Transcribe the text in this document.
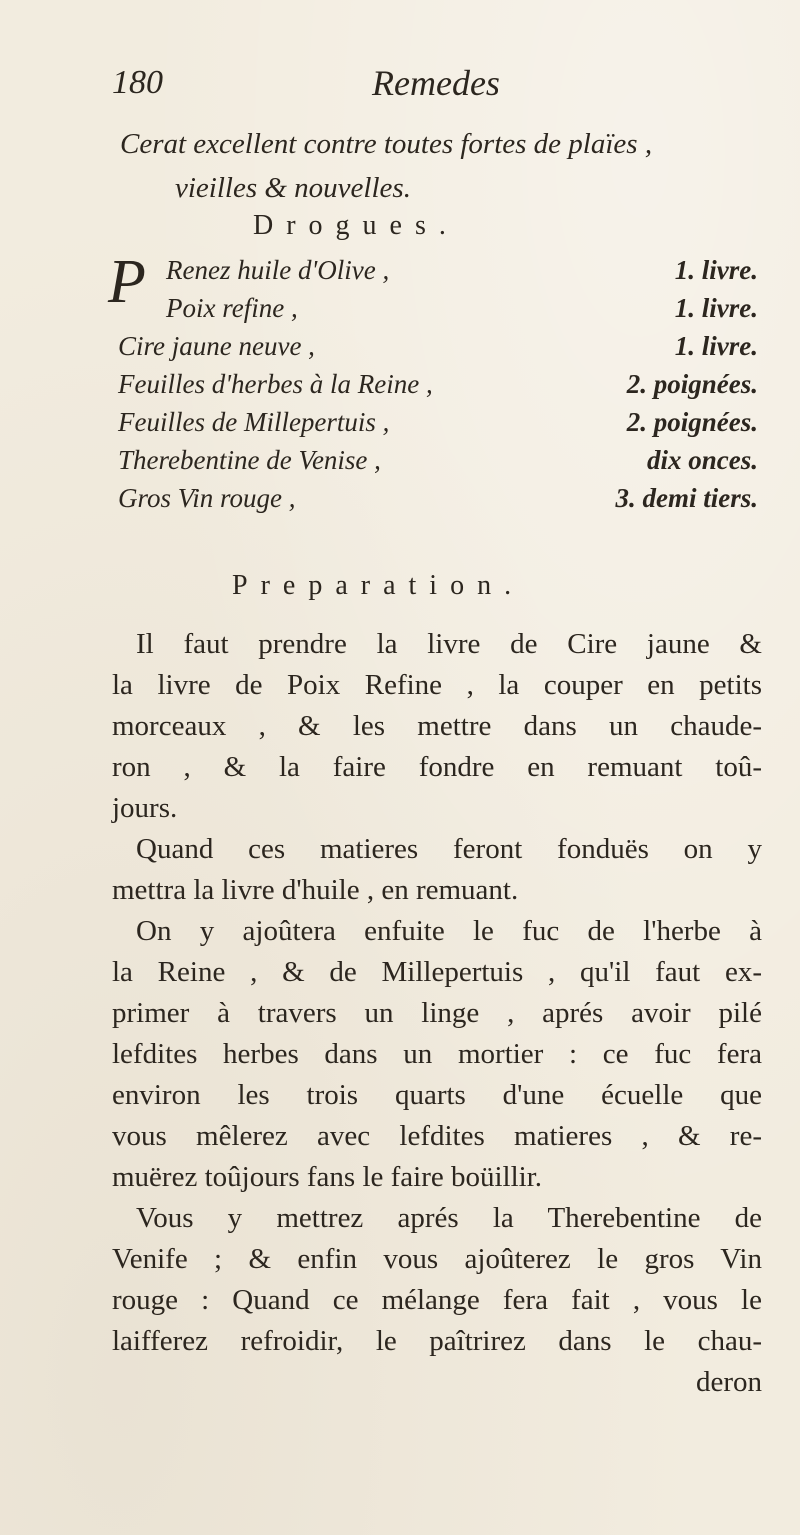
180	Remedes
Cerat excellent contre toutes fortes de plaïes ,
vieilles & nouvelles.
Drogues.
P Renez huile d'Olive ,	1. livre.
Poix refine ,	1. livre.
Cire jaune neuve ,	1. livre.
Feuilles d'herbes à la Reine ,	2. poignées.
Feuilles de Millepertuis ,	2. poignées.
Therebentine de Venise ,	dix onces.
Gros Vin rouge ,	3. demi tiers.
Preparation.
Il faut prendre la livre de Cire jaune &
la livre de Poix Refine , la couper en petits
morceaux , & les mettre dans un chaude-
ron , & la faire fondre en remuant toû-
jours.
Quand ces matieres feront fonduës on y
mettra la livre d'huile , en remuant.
On y ajoûtera enfuite le fuc de l'herbe à
la Reine , & de Millepertuis , qu'il faut ex-
primer à travers un linge , aprés avoir pilé
lefdites herbes dans un mortier : ce fuc fera
environ les trois quarts d'une écuelle que
vous mêlerez avec lefdites matieres , & re-
muërez toûjours fans le faire boüillir.
Vous y mettrez aprés la Therebentine de
Venife ; & enfin vous ajoûterez le gros Vin
rouge : Quand ce mélange fera fait , vous le
laifferez refroidir, le paîtrirez dans le chau-
deron
